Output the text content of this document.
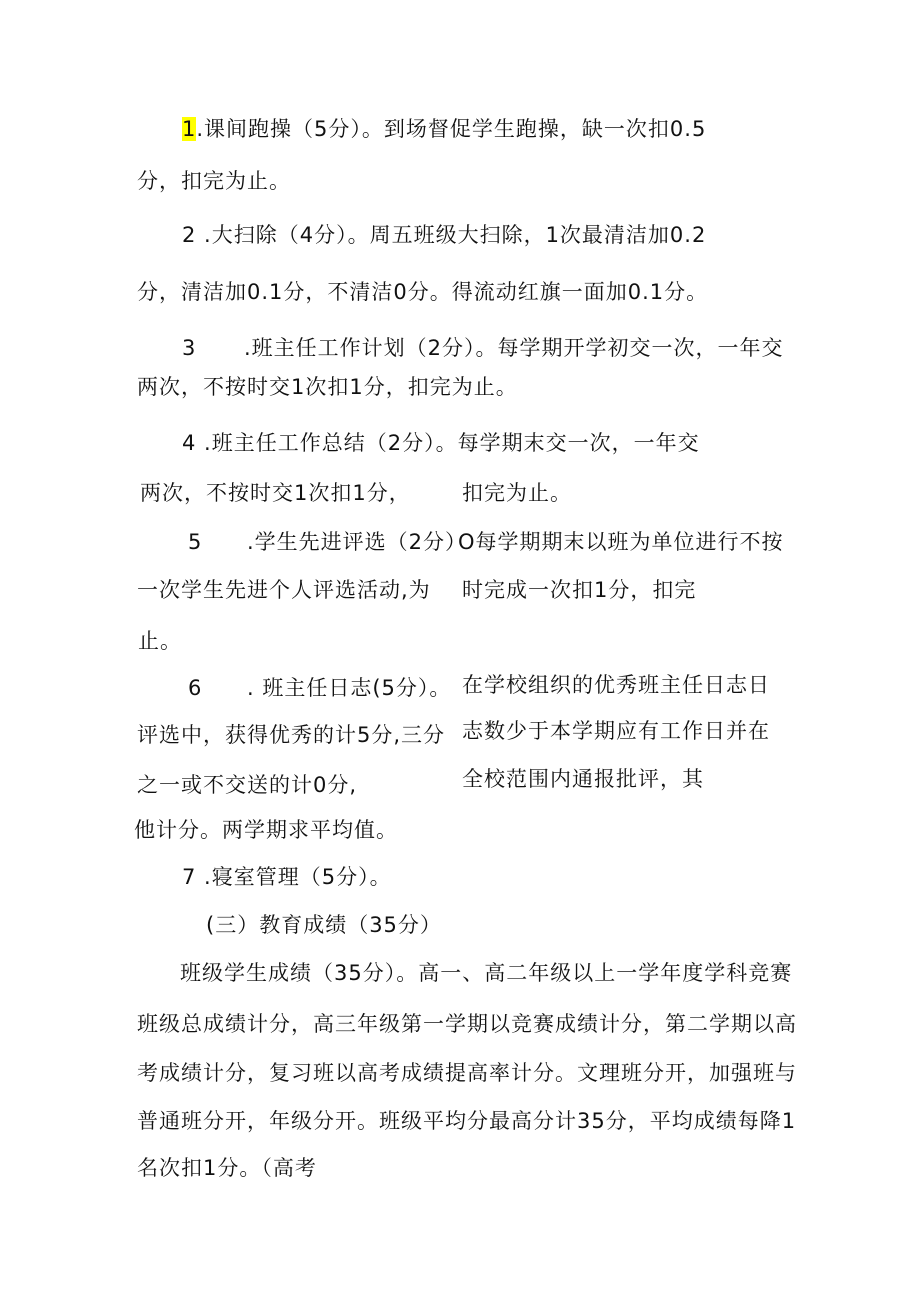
1.课间跑操（5分）。到场督促学生跑操，缺一次扣0.5
分，扣完为止。
2 .大扫除（4分）。周五班级大扫除，1次最清洁加0.2
分，清洁加0.1分，不清洁0分。得流动红旗一面加0.1分。
3 .班主任工作计划（2分）。每学期开学初交一次，一年交
两次，不按时交1次扣1分，扣完为止。
4 .班主任工作总结（2分）。每学期末交一次，一年交
两次，不按时交1次扣1分， 扣完为止。
5 .学生先进评选（2分）
O每学期期末以班为单位进行不按
一次学生先进个人评选活动,为 时完成一次扣1分，扣完
止。
6 . 班主任日志(5分）。 在学校组织的优秀班主任日志日
评选中，获得优秀的计5分,三分 志数少于本学期应有工作日并在
之一或不交送的计0分,	全校范围内通报批评，其
他计分。两学期求平均值。
7 .寝室管理（5分）。
(三）教育成绩（35分）
班级学生成绩（35分）。高一、高二年级以上一学年度学科竞赛
班级总成绩计分，高三年级第一学期以竞赛成绩计分，第二学期以高
考成绩计分，复习班以高考成绩提高率计分。文理班分开，加强班与
普通班分开，年级分开。班级平均分最高分计35分，平均成绩每降1
名次扣1分。（高考
